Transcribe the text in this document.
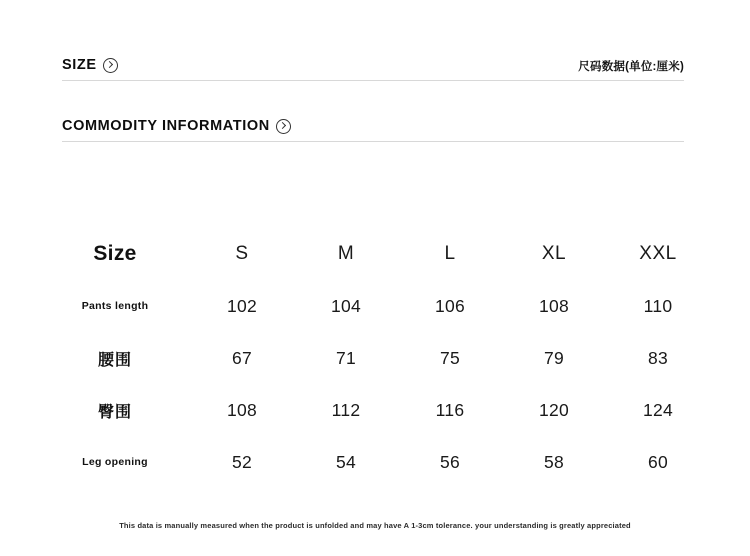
SIZE	尺码数据(单位:厘米)
COMMODITY INFORMATION
Size	S	M	L	XL	XXL
Pants length	102	104	106	108	110
腰围	67	71	75	79	83
臀围	108	112	116	120	124
Leg opening	52	54	56	58	60
This data is manually measured when the product is unfolded and may have A 1-3cm tolerance. your understanding is greatly appreciated
